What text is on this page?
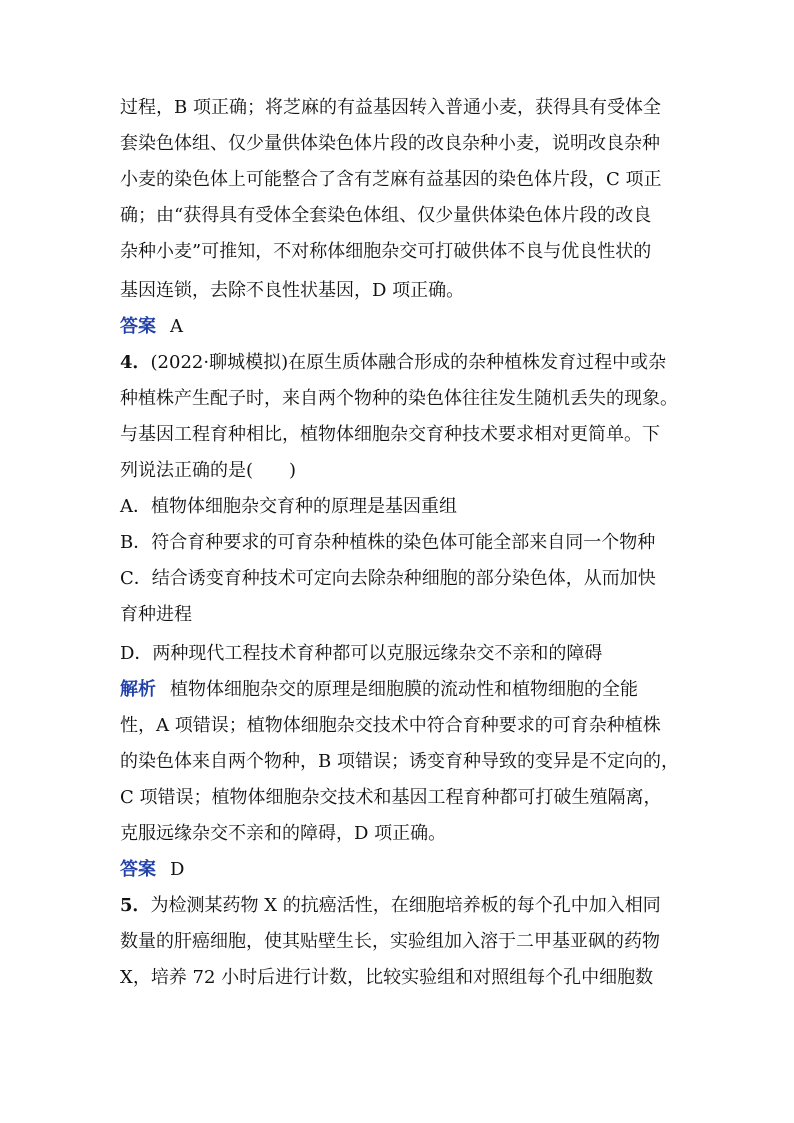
过程，B 项正确；将芝麻的有益基因转入普通小麦，获得具有受体全
套染色体组、仅少量供体染色体片段的改良杂种小麦，说明改良杂种
小麦的染色体上可能整合了含有芝麻有益基因的染色体片段，C 项正
确；由“获得具有受体全套染色体组、仅少量供体染色体片段的改良
杂种小麦”可推知，不对称体细胞杂交可打破供体不良与优良性状的
基因连锁，去除不良性状基因，D 项正确。
答案 A
4．(2022·聊城模拟)在原生质体融合形成的杂种植株发育过程中或杂
种植株产生配子时，来自两个物种的染色体往往发生随机丢失的现象。
与基因工程育种相比，植物体细胞杂交育种技术要求相对更简单。下
列说法正确的是(　　)
A．植物体细胞杂交育种的原理是基因重组
B．符合育种要求的可育杂种植株的染色体可能全部来自同一个物种
C．结合诱变育种技术可定向去除杂种细胞的部分染色体，从而加快
育种进程
D．两种现代工程技术育种都可以克服远缘杂交不亲和的障碍
解析 植物体细胞杂交的原理是细胞膜的流动性和植物细胞的全能
性，A 项错误；植物体细胞杂交技术中符合育种要求的可育杂种植株
的染色体来自两个物种，B 项错误；诱变育种导致的变异是不定向的，
C 项错误；植物体细胞杂交技术和基因工程育种都可打破生殖隔离，
克服远缘杂交不亲和的障碍，D 项正确。
答案 D
5．为检测某药物 X 的抗癌活性，在细胞培养板的每个孔中加入相同
数量的肝癌细胞，使其贴壁生长，实验组加入溶于二甲基亚砜的药物
X，培养 72 小时后进行计数，比较实验组和对照组每个孔中细胞数
